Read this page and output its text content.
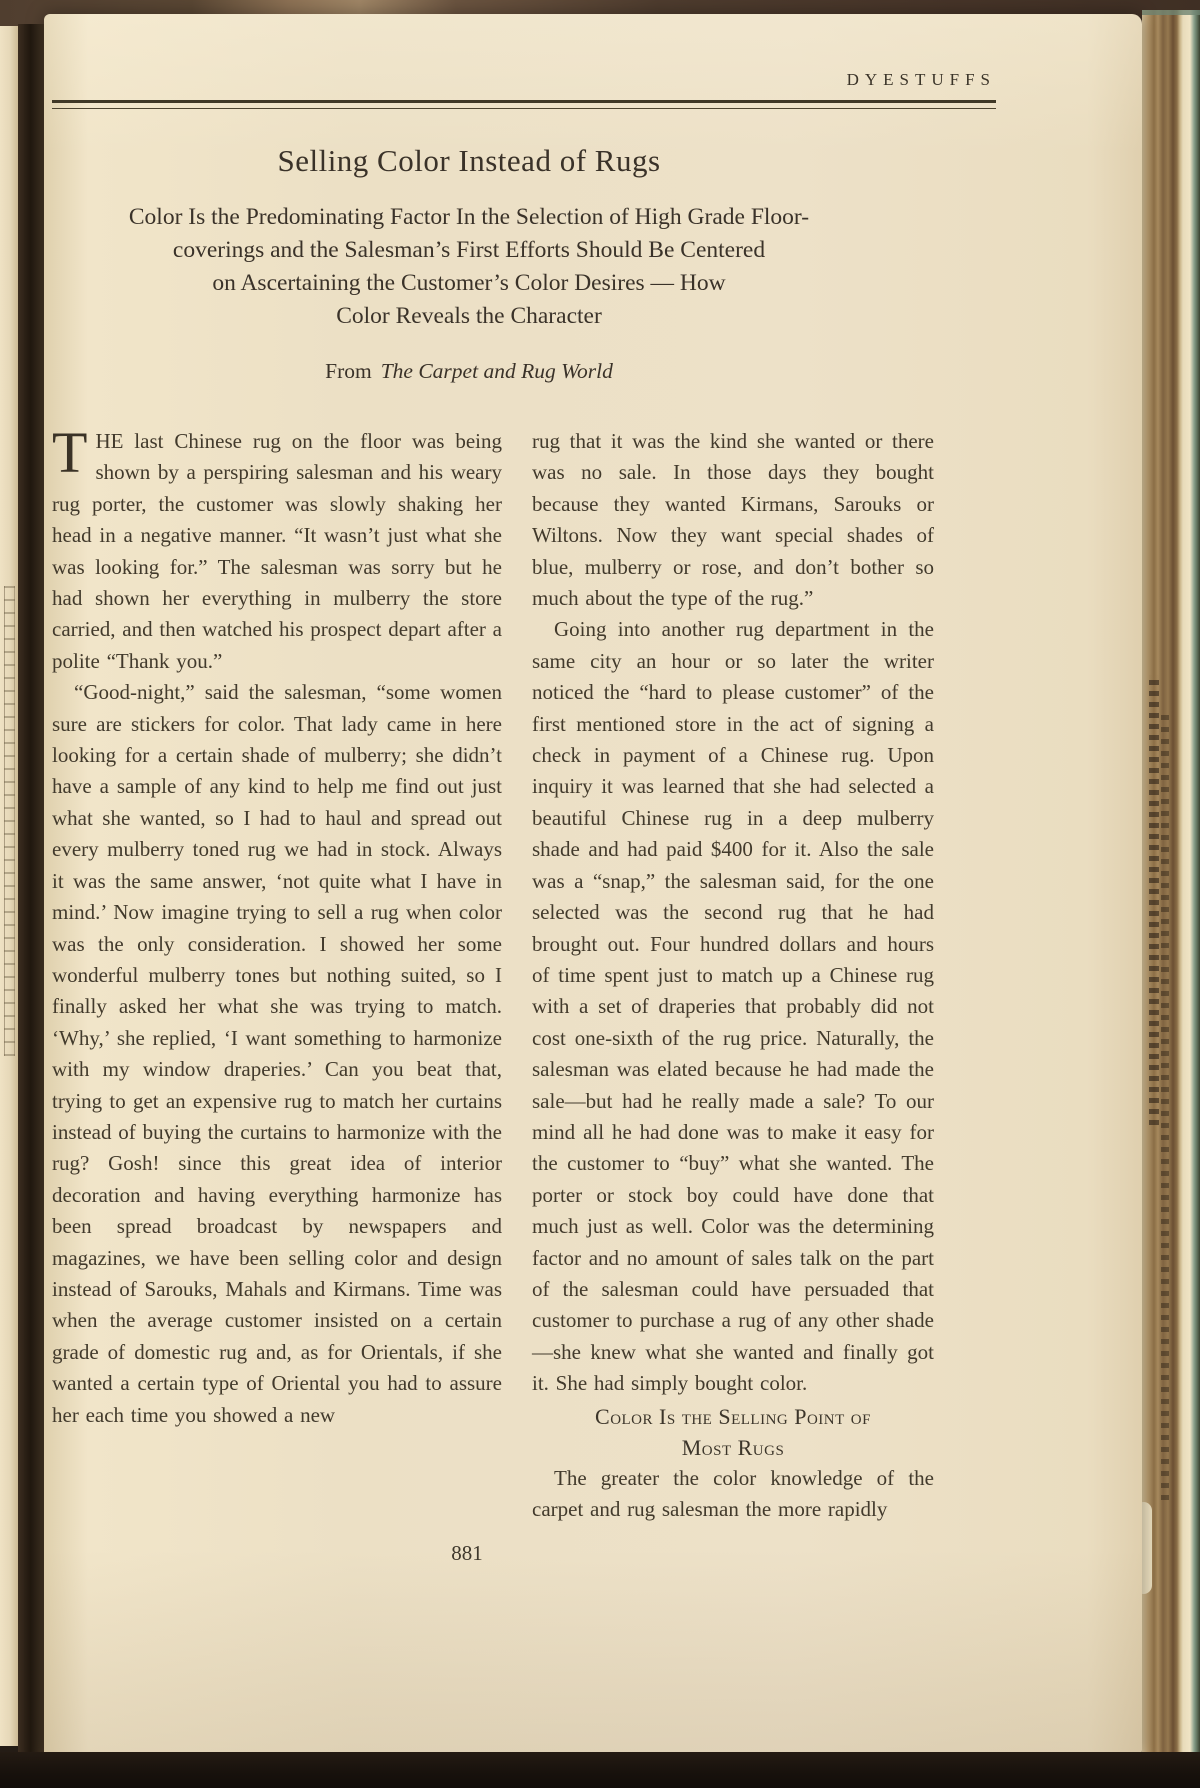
DYESTUFFS
Selling Color Instead of Rugs
Color Is the Predominating Factor In the Selection of High Grade Floor-
coverings and the Salesman’s First Efforts Should Be Centered
on Ascertaining the Customer’s Color Desires — How
Color Reveals the Character
From The Carpet and Rug World

THE last Chinese rug on the floor was being shown by a perspiring salesman and his weary rug porter, the customer was slowly shaking her head in a negative manner. “It wasn’t just what she was looking for.” The salesman was sorry but he had shown her everything in mulberry the store carried, and then watched his prospect depart after a polite “Thank you.”

“Good-night,” said the salesman, “some women sure are stickers for color. That lady came in here looking for a certain shade of mulberry; she didn’t have a sample of any kind to help me find out just what she wanted, so I had to haul and spread out every mulberry toned rug we had in stock. Always it was the same answer, ‘not quite what I have in mind.’ Now imagine trying to sell a rug when color was the only consideration. I showed her some wonderful mulberry tones but nothing suited, so I finally asked her what she was trying to match. ‘Why,’ she replied, ‘I want something to harmonize with my window draperies.’ Can you beat that, trying to get an expensive rug to match her curtains instead of buying the curtains to harmonize with the rug? Gosh! since this great idea of interior decoration and having everything harmonize has been spread broadcast by newspapers and magazines, we have been selling color and design instead of Sarouks, Mahals and Kirmans. Time was when the average customer insisted on a certain grade of domestic rug and, as for Orientals, if she wanted a certain type of Oriental you had to assure her each time you showed a new

rug that it was the kind she wanted or there was no sale. In those days they bought because they wanted Kirmans, Sarouks or Wiltons. Now they want special shades of blue, mulberry or rose, and don’t bother so much about the type of the rug.”

Going into another rug department in the same city an hour or so later the writer noticed the “hard to please customer” of the first mentioned store in the act of signing a check in payment of a Chinese rug. Upon inquiry it was learned that she had selected a beautiful Chinese rug in a deep mulberry shade and had paid $400 for it. Also the sale was a “snap,” the salesman said, for the one selected was the second rug that he had brought out. Four hundred dollars and hours of time spent just to match up a Chinese rug with a set of draperies that probably did not cost one-sixth of the rug price. Naturally, the salesman was elated because he had made the sale—but had he really made a sale? To our mind all he had done was to make it easy for the customer to “buy” what she wanted. The porter or stock boy could have done that much just as well. Color was the determining factor and no amount of sales talk on the part of the salesman could have persuaded that customer to purchase a rug of any other shade—she knew what she wanted and finally got it. She had simply bought color.

Color Is the Selling Point of
Most Rugs

The greater the color knowledge of the carpet and rug salesman the more rapidly

881
